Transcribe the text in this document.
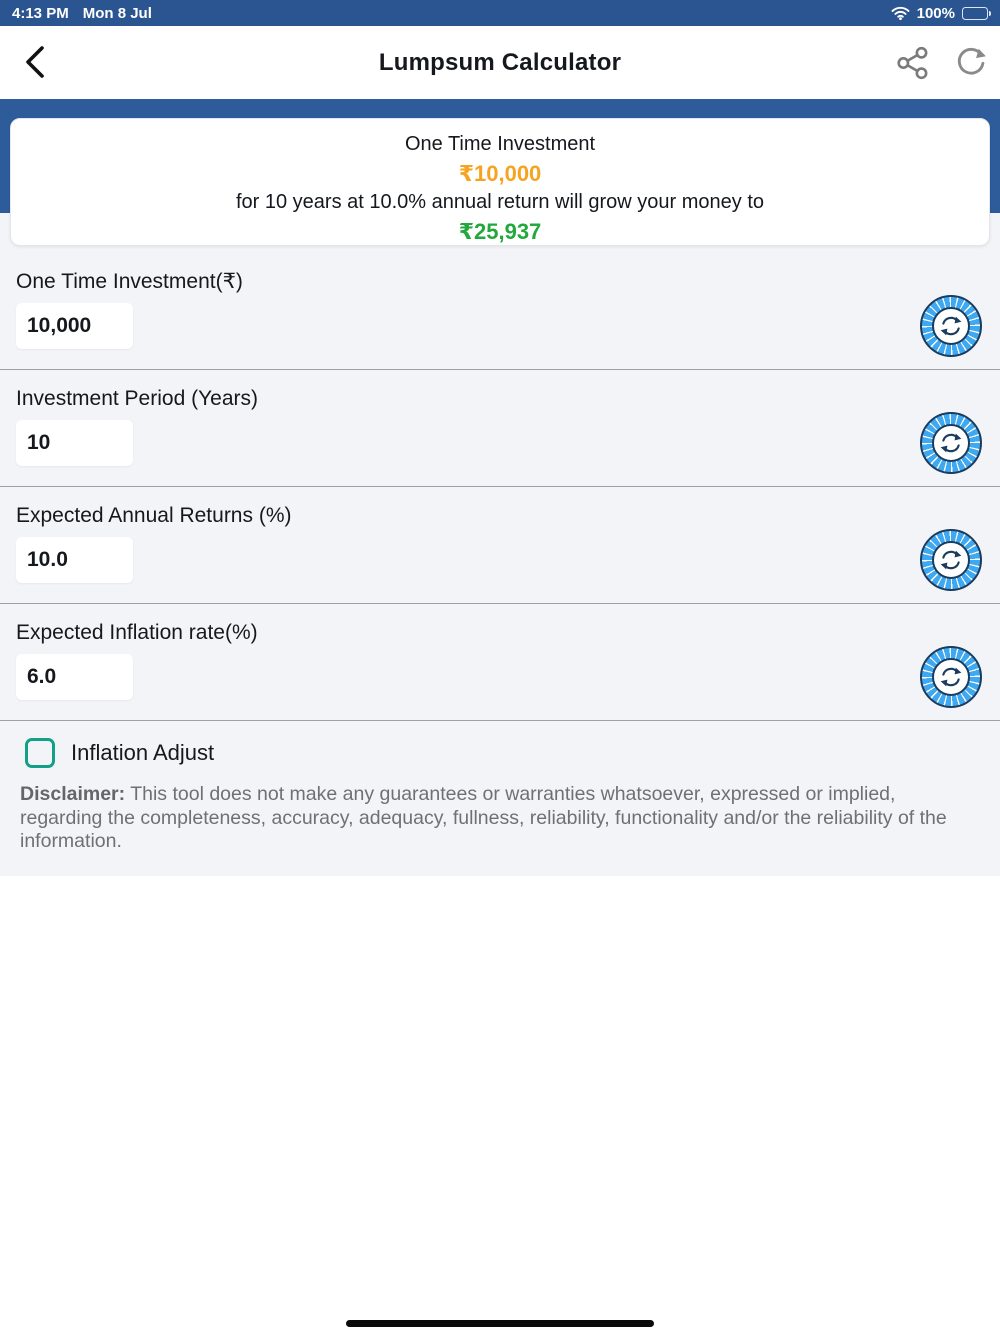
4:13 PM Mon 8 Jul	100%
Lumpsum Calculator
One Time Investment
₹10,000
for 10 years at 10.0% annual return will grow your money to
₹25,937
One Time Investment(₹)
10,000
Investment Period (Years)
10
Expected Annual Returns (%)
10.0
Expected Inflation rate(%)
6.0
Inflation Adjust

Disclaimer: This tool does not make any guarantees or warranties whatsoever, expressed or implied, regarding the completeness, accuracy, adequacy, fullness, reliability, functionality and/or the reliability of the information.
